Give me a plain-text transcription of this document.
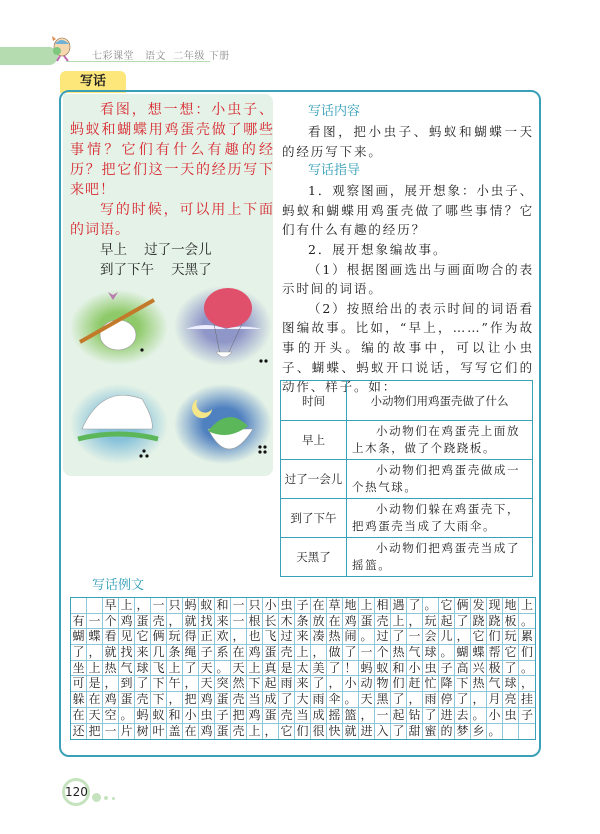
七彩课堂 语文 二年级 下册
写话

看图，想一想：小虫子、蚂蚁和蝴蝶用鸡蛋壳做了哪些事情？它们有什么有趣的经历？把它们这一天的经历写下来吧！

写的时候，可以用上下面的词语。

早上    过了一会儿

到了下午    天黑了

写话内容

看图，把小虫子、蚂蚁和蝴蝶一天的经历写下来。

写话指导

1．观察图画，展开想象：小虫子、蚂蚁和蝴蝶用鸡蛋壳做了哪些事情？它们有什么有趣的经历？

2．展开想象编故事。

（1）根据图画选出与画面吻合的表示时间的词语。

（2）按照给出的表示时间的词语看图编故事。比如，“早上，……”作为故事的开头。编的故事中，可以让小虫子、蝴蝶、蚂蚁开口说话，写写它们的动作、样子。如：

时间	小动物们用鸡蛋壳做了什么
早上	小动物们在鸡蛋壳上面放上木条，做了个跷跷板。
过了一会儿	小动物们把鸡蛋壳做成一个热气球。
到了下午	小动物们躲在鸡蛋壳下，把鸡蛋壳当成了大雨伞。
天黑了	小动物们把鸡蛋壳当成了摇篮。
写话例文
早 上 ， 一 只 蚂 蚁 和 一 只 小 虫 子 在 草 地 上 相 遇 了 。 它 俩 发 现 地 上
有 一 个 鸡 蛋 壳 ， 就 找 来 一 根 长 木 条 放 在 鸡 蛋 壳 上 ， 玩 起 了 跷 跷 板 。
蝴 蝶 看 见 它 俩 玩 得 正 欢 ， 也 飞 过 来 凑 热 闹 。 过 了 一 会 儿 ， 它 们 玩 累
了 ， 就 找 来 几 条 绳 子 系 在 鸡 蛋 壳 上 ， 做 了 一 个 热 气 球 。 蝴 蝶 帮 它 们
坐 上 热 气 球 飞 上 了 天 。 天 上 真 是 太 美 了 ！ 蚂 蚁 和 小 虫 子 高 兴 极 了 。
可 是 ， 到 了 下 午 ， 天 突 然 下 起 雨 来 了 ， 小 动 物 们 赶 忙 降 下 热 气 球 ，
躲 在 鸡 蛋 壳 下 ， 把 鸡 蛋 壳 当 成 了 大 雨 伞 。 天 黑 了 ， 雨 停 了 ， 月 亮 挂
在 天 空 。 蚂 蚁 和 小 虫 子 把 鸡 蛋 壳 当 成 摇 篮 ， 一 起 钻 了 进 去 。 小 虫 子
还 把 一 片 树 叶 盖 在 鸡 蛋 壳 上 ， 它 们 很 快 就 进 入 了 甜 蜜 的 梦 乡 。
120
